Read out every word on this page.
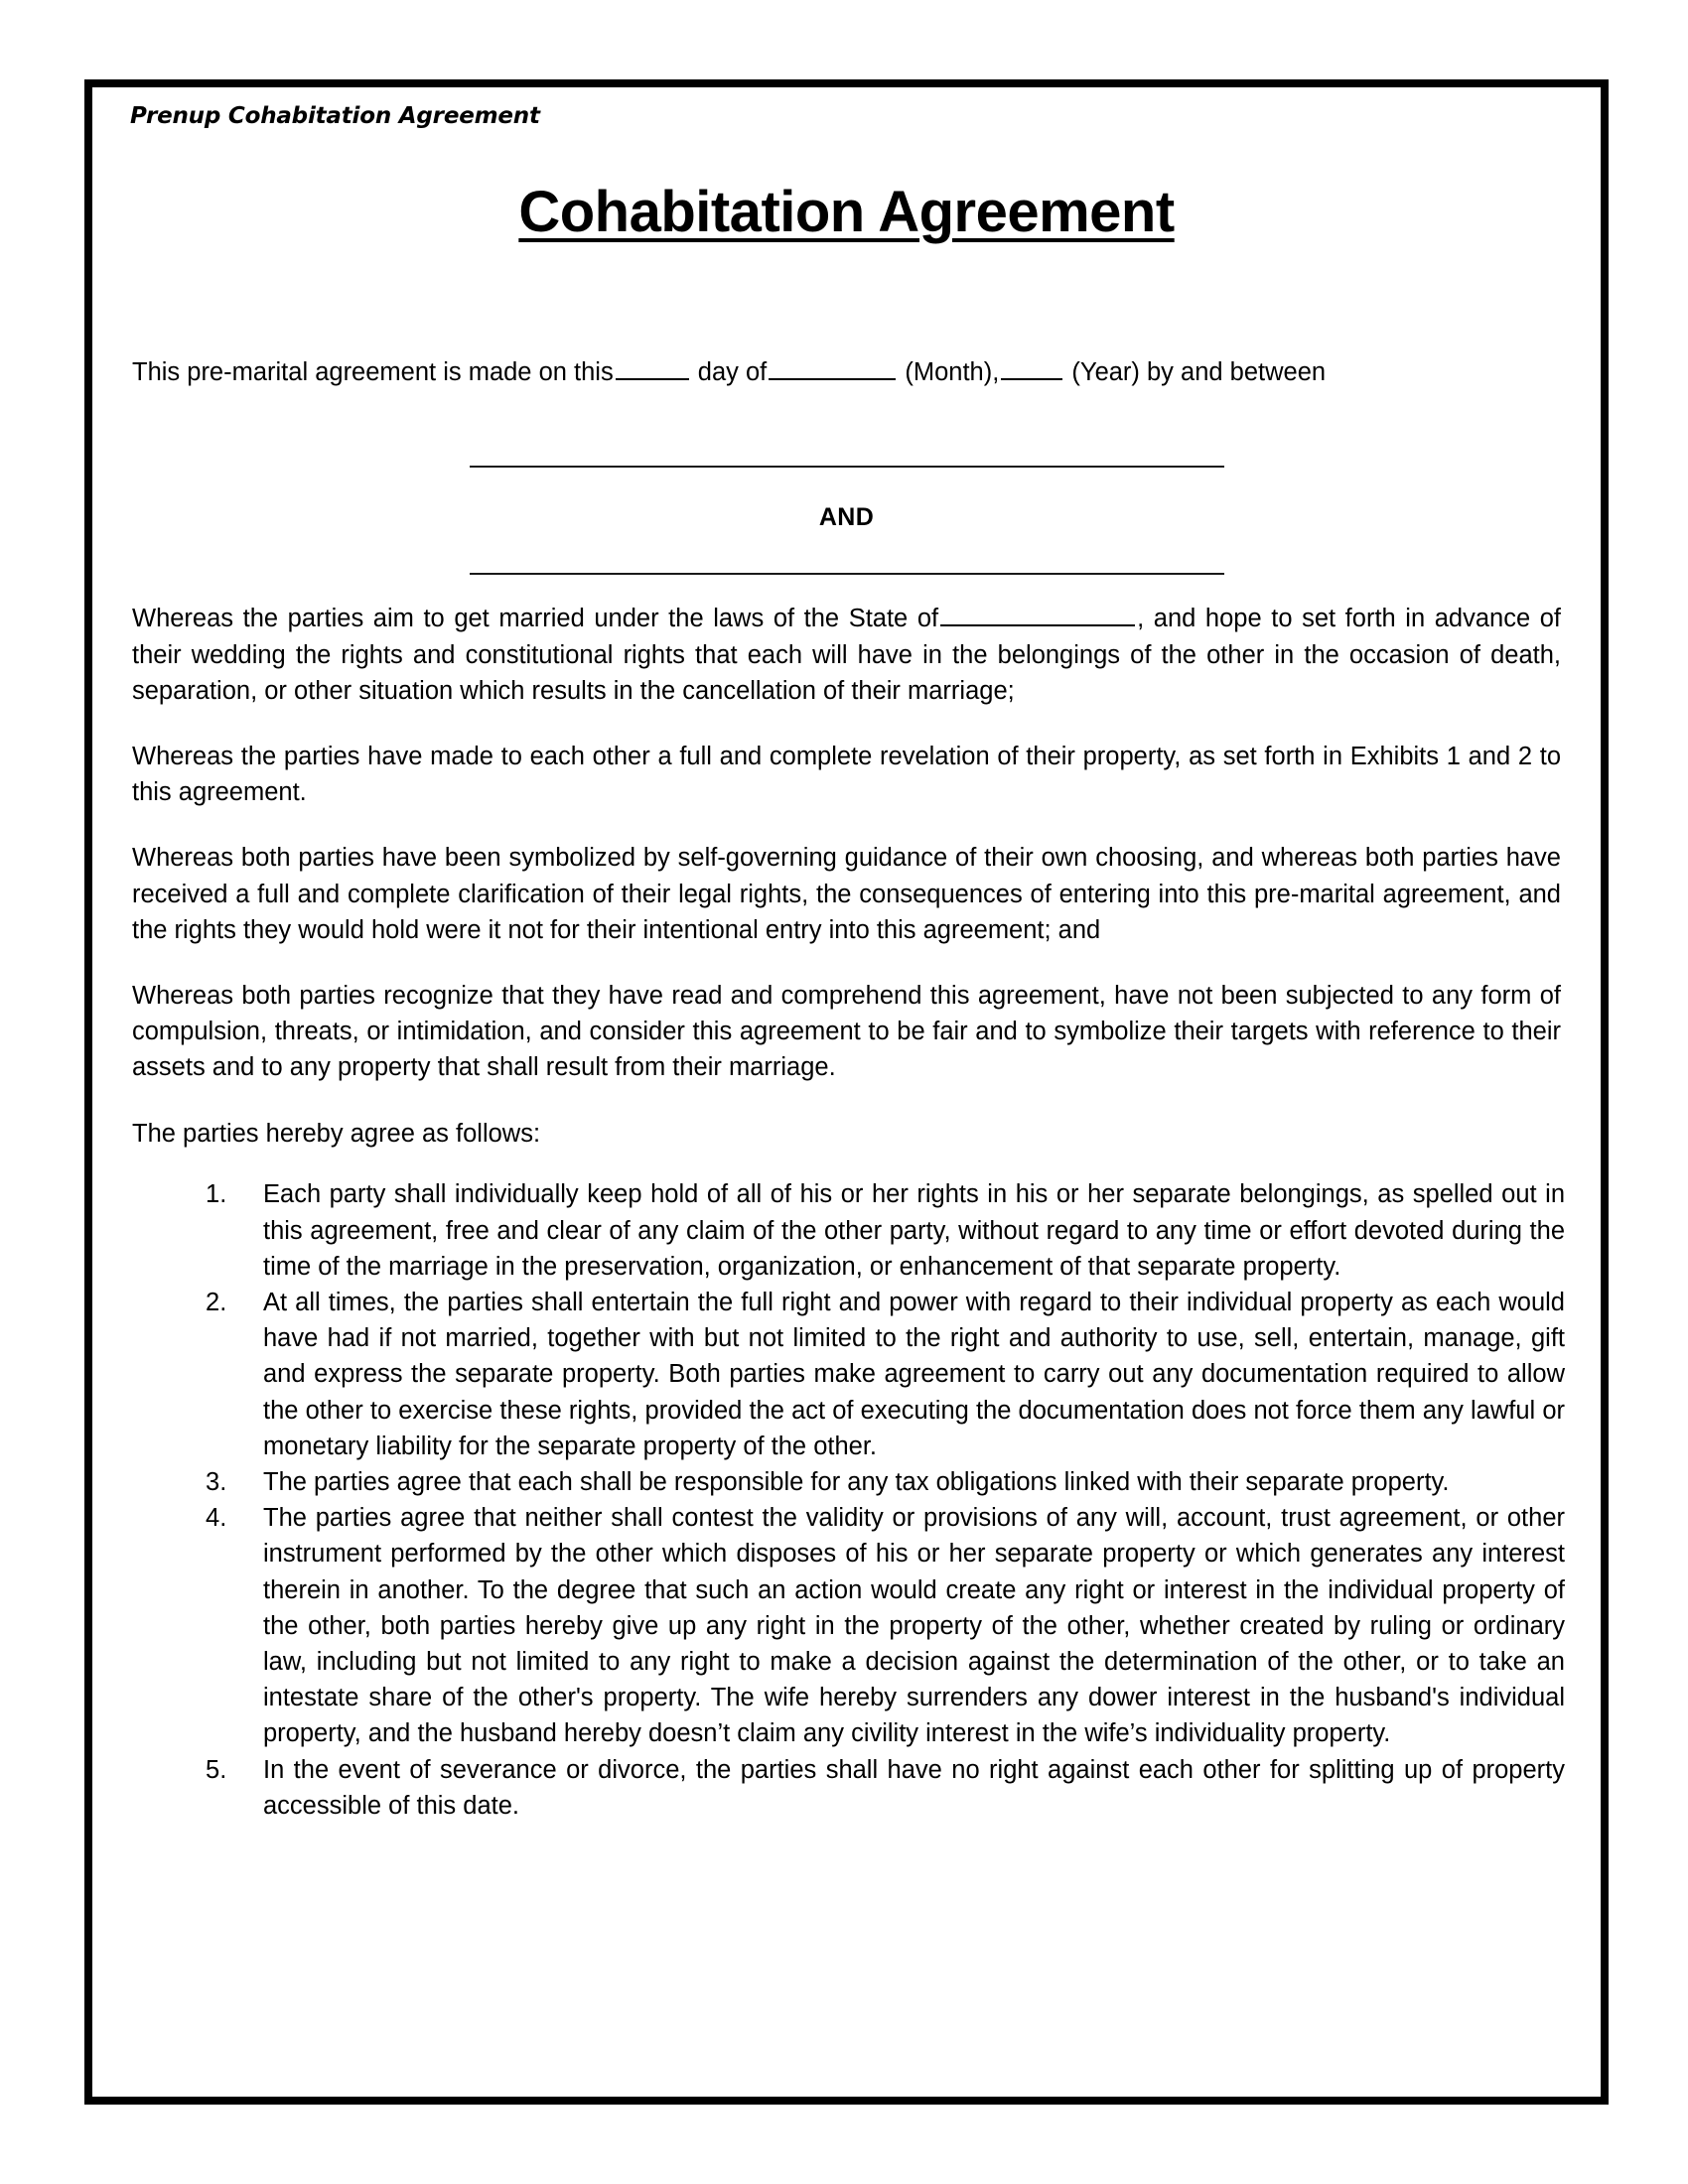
Prenup Cohabitation Agreement
Cohabitation Agreement

This pre-marital agreement is made on this	day of	(Month),	(Year) by and between

AND

Whereas the parties aim to get married under the laws of the State of	, and hope to set forth in advance of their wedding the rights and constitutional rights that each will have in the belongings of the other in the occasion of death, separation, or other situation which results in the cancellation of their marriage;

Whereas the parties have made to each other a full and complete revelation of their property, as set forth in Exhibits 1 and 2 to this agreement.

Whereas both parties have been symbolized by self-governing guidance of their own choosing, and whereas both parties have received a full and complete clarification of their legal rights, the consequences of entering into this pre-marital agreement, and the rights they would hold were it not for their intentional entry into this agreement; and

Whereas both parties recognize that they have read and comprehend this agreement, have not been subjected to any form of compulsion, threats, or intimidation, and consider this agreement to be fair and to symbolize their targets with reference to their assets and to any property that shall result from their marriage.

The parties hereby agree as follows:

Each party shall individually keep hold of all of his or her rights in his or her separate belongings, as spelled out in this agreement, free and clear of any claim of the other party, without regard to any time or effort devoted during the time of the marriage in the preservation, organization, or enhancement of that separate property.
At all times, the parties shall entertain the full right and power with regard to their individual property as each would have had if not married, together with but not limited to the right and authority to use, sell, entertain, manage, gift and express the separate property. Both parties make agreement to carry out any documentation required to allow the other to exercise these rights, provided the act of executing the documentation does not force them any lawful or monetary liability for the separate property of the other.
The parties agree that each shall be responsible for any tax obligations linked with their separate property.
The parties agree that neither shall contest the validity or provisions of any will, account, trust agreement, or other instrument performed by the other which disposes of his or her separate property or which generates any interest therein in another. To the degree that such an action would create any right or interest in the individual property of the other, both parties hereby give up any right in the property of the other, whether created by ruling or ordinary law, including but not limited to any right to make a decision against the determination of the other, or to take an intestate share of the other's property. The wife hereby surrenders any dower interest in the husband's individual property, and the husband hereby doesn’t claim any civility interest in the wife’s individuality property.
In the event of severance or divorce, the parties shall have no right against each other for splitting up of property accessible of this date.
